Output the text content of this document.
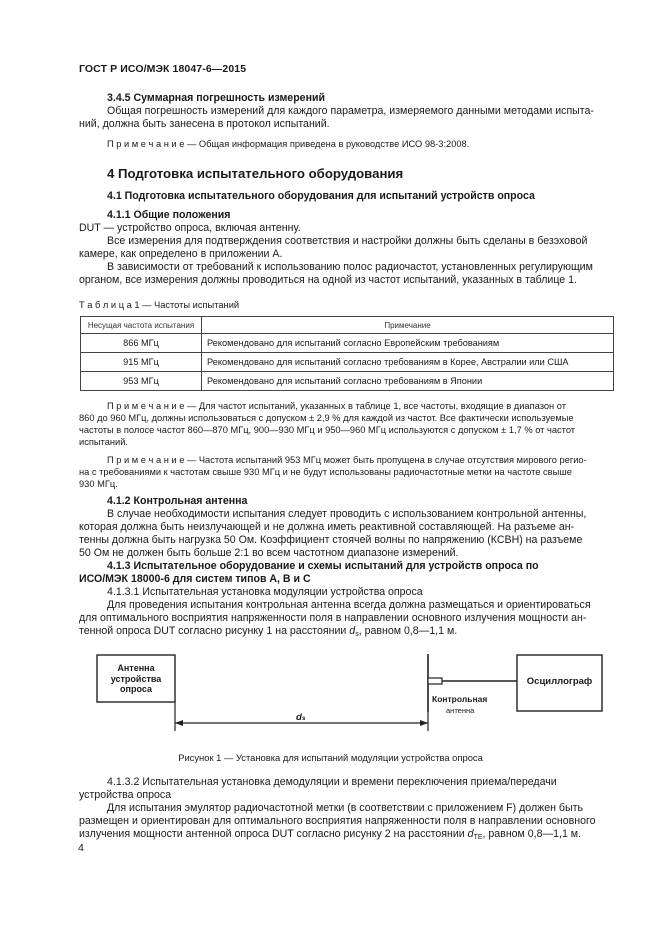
ГОСТ Р ИСО/МЭК 18047-6—2015
3.4.5 Суммарная погрешность измерений
Общая погрешность измерений для каждого параметра, измеряемого данными методами испыта-
ний, должна быть занесена в протокол испытаний.
П р и м е ч а н и е — Общая информация приведена в руководстве ИСО 98-3:2008.
4 Подготовка испытательного оборудования
4.1 Подготовка испытательного оборудования для испытаний устройств опроса
4.1.1 Общие положения
DUT — устройство опроса, включая антенну.
Все измерения для подтверждения соответствия и настройки должны быть сделаны в безэховой
камере, как определено в приложении А.
В зависимости от требований к использованию полос радиочастот, установленных регулирующим
органом, все измерения должны проводиться на одной из частот испытаний, указанных в таблице 1.
Т а б л и ц а 1 — Частоты испытаний
Несущая частота испытания	Примечание
866 МГц	Рекомендовано для испытаний согласно Европейским требованиям
915 МГц	Рекомендовано для испытаний согласно требованиям в Корее, Австралии или США
953 МГц	Рекомендовано для испытаний согласно требованиям в Японии
П р и м е ч а н и е — Для частот испытаний, указанных в таблице 1, все частоты, входящие в диапазон от
860 до 960 МГц, должны использоваться с допуском ± 2,9 % для каждой из частот. Все фактически используемые
частоты в полосе частот 860—870 МГц, 900—930 МГц и 950—960 МГц используются с допуском ± 1,7 % от частот
испытаний.
П р и м е ч а н и е — Частота испытаний 953 МГц может быть пропущена в случае отсутствия мирового регио-
на с требованиями к частотам свыше 930 МГц и не будут использованы радиочастотные метки на частоте свыше
930 МГц.
4.1.2 Контрольная антенна
В случае необходимости испытания следует проводить с использованием контрольной антенны,
которая должна быть неизлучающей и не должна иметь реактивной составляющей. На разъеме ан-
тенны должна быть нагрузка 50 Ом. Коэффициент стоячей волны по напряжению (КСВН) на разъеме
50 Ом не должен быть больше 2:1 во всем частотном диапазоне измерений.
4.1.3 Испытательное оборудование и схемы испытаний для устройств опроса по
ИСО/МЭК 18000-6 для систем типов А, В и С
4.1.3.1 Испытательная установка модуляции устройства опроса
Для проведения испытания контрольная антенна всегда должна размещаться и ориентироваться
для оптимального восприятия напряженности поля в направлении основного излучения мощности ан-
тенной опроса DUT согласно рисунку 1 на расстоянии $d_s$, равном 0,8—1,1 м.
Антенна
устройства
опроса
Осциллограф
Контрольная
антенна
ds
Рисунок 1 — Установка для испытаний модуляции устройства опроса
4.1.3.2 Испытательная установка демодуляции и времени переключения приема/передачи
устройства опроса
Для испытания эмулятор радиочастотной метки (в соответствии с приложением F) должен быть
размещен и ориентирован для оптимального восприятия напряженности поля в направлении основного
излучения мощности антенной опроса DUT согласно рисунку 2 на расстоянии $d_{TE}$, равном 0,8—1,1 м.
4
